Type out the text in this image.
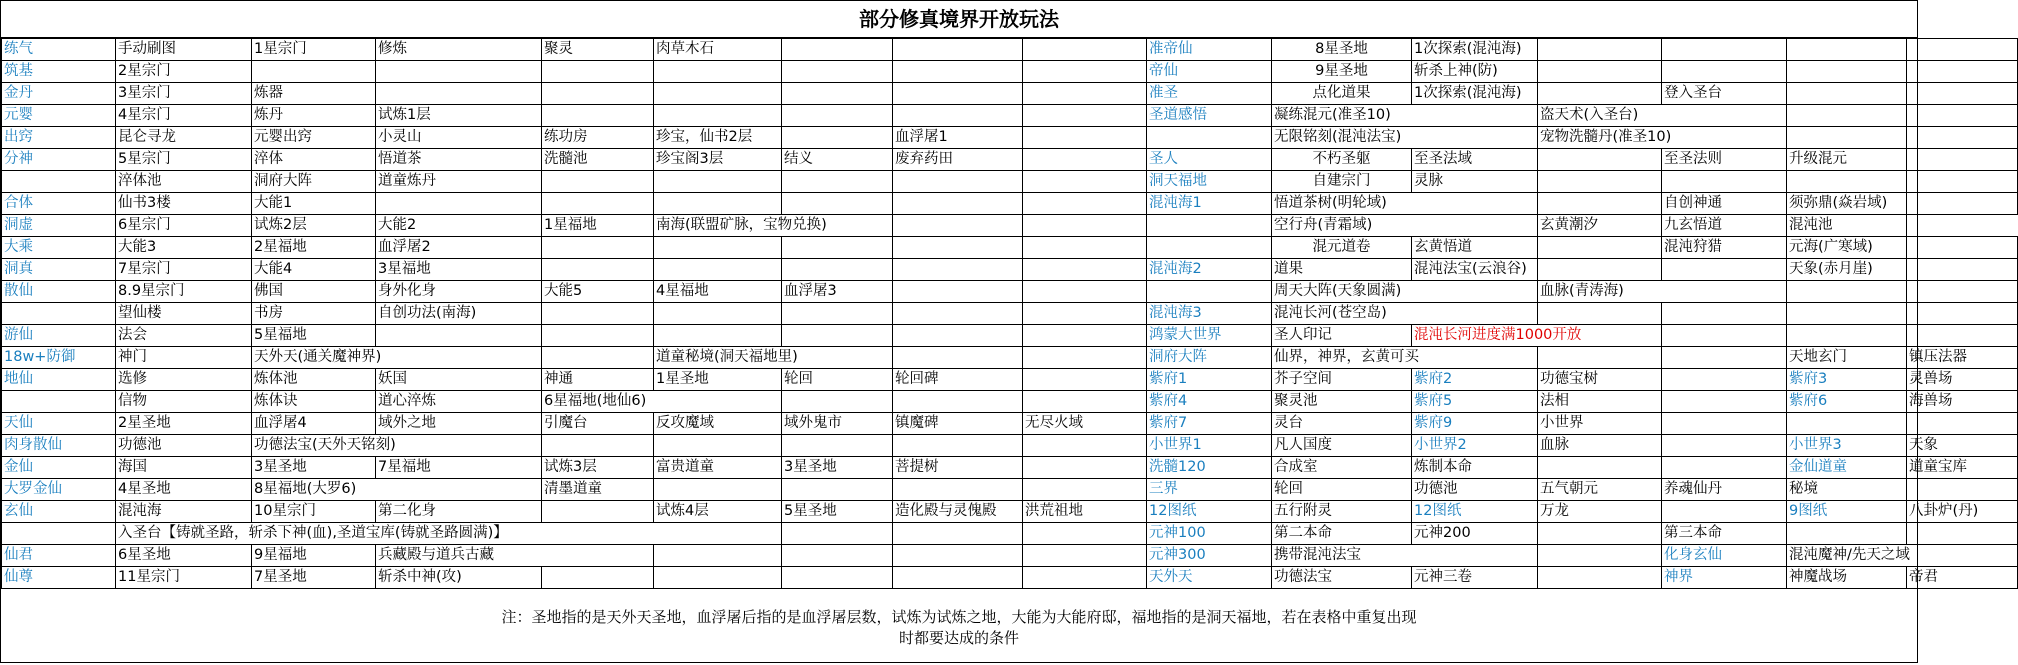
部分修真境界开放玩法
练气	手动刷图	1星宗门	修炼	聚灵	肉草木石				准帝仙	8星圣地	1次探索(混沌海)				
筑基	2星宗门								帝仙	9星圣地	斩杀上神(防)				
金丹	3星宗门	炼器							准圣	点化道果	1次探索(混沌海)		登入圣台		
元婴	4星宗门	炼丹	试炼1层						圣道感悟	凝练混元(准圣10)		盗天术(入圣台)			
出窍	昆仑寻龙	元婴出窍	小灵山	练功房	珍宝，仙书2层		血浮屠1			无限铭刻(混沌法宝)		宠物洗髓丹(准圣10)			
分神	5星宗门	淬体	悟道茶	洗髓池	珍宝阁3层	结义	废弃药田		圣人	不朽圣躯	至圣法域		至圣法则	升级混元	
	淬体池	洞府大阵	道童炼丹						洞天福地	自建宗门	灵脉				
合体	仙书3楼	大能1							混沌海1	悟道茶树(明轮域)			自创神通	须弥鼎(焱岩域)	
洞虚	6星宗门	试炼2层	大能2	1星福地	南海(联盟矿脉，宝物兑换)					空行舟(青霜域)		玄黄潮汐	九玄悟道	混沌池	
大乘	大能3	2星福地	血浮屠2							混元道卷	玄黄悟道		混沌狩猎	元海(广寒域)	
洞真	7星宗门	大能4	3星福地						混沌海2	道果	混沌法宝(云浪谷)			天象(赤月崖)	
散仙	8.9星宗门	佛国	身外化身	大能5	4星福地	血浮屠3				周天大阵(天象圆满)		血脉(青涛海)			
	望仙楼	书房	自创功法(南海)						混沌海3	混沌长河(苍空岛)					
游仙	法会	5星福地							鸿蒙大世界	圣人印记	混沌长河进度满1000开放				
18w+防御	神门	天外天(通关魔神界)			道童秘境(洞天福地里)				洞府大阵	仙界，神界，玄黄可买				天地玄门	镇压法器
地仙	选修	炼体池	妖国	神通	1星圣地	轮回	轮回碑		紫府1	芥子空间	紫府2	功德宝树		紫府3	灵兽场
	信物	炼体诀	道心淬炼	6星福地(地仙6)					紫府4	聚灵池	紫府5	法相		紫府6	海兽场
天仙	2星圣地	血浮屠4	域外之地	引魔台	反攻魔域	域外鬼市	镇魔碑	无尽火域	紫府7	灵台	紫府9	小世界			
肉身散仙	功德池	功德法宝(天外天铭刻)							小世界1	凡人国度	小世界2	血脉		小世界3	天象
金仙	海国	3星圣地	7星福地	试炼3层	富贵道童	3星圣地	菩提树		洗髓120	合成室	炼制本命			金仙道童	道童宝库
大罗金仙	4星圣地	8星福地(大罗6)		清墨道童					三界	轮回	功德池	五气朝元	养魂仙丹	秘境	
玄仙	混沌海	10星宗门	第二化身		试炼4层	5星圣地	造化殿与灵傀殿	洪荒祖地	12图纸	五行附灵	12图纸	万龙		9图纸	八卦炉(丹)
	入圣台【铸就圣路，斩杀下神(血),圣道宝库(铸就圣路圆满)】								元神100	第二本命	元神200		第三本命		
仙君	6星圣地	9星福地	兵藏殿与道兵古藏						元神300	携带混沌法宝			化身玄仙	混沌魔神/先天之域	
仙尊	11星宗门	7星圣地	斩杀中神(攻)						天外天	功德法宝	元神三卷		神界	神魔战场	帝君
注：圣地指的是天外天圣地，血浮屠后指的是血浮屠层数，试炼为试炼之地，大能为大能府邸，福地指的是洞天福地，若在表格中重复出现
时都要达成的条件
